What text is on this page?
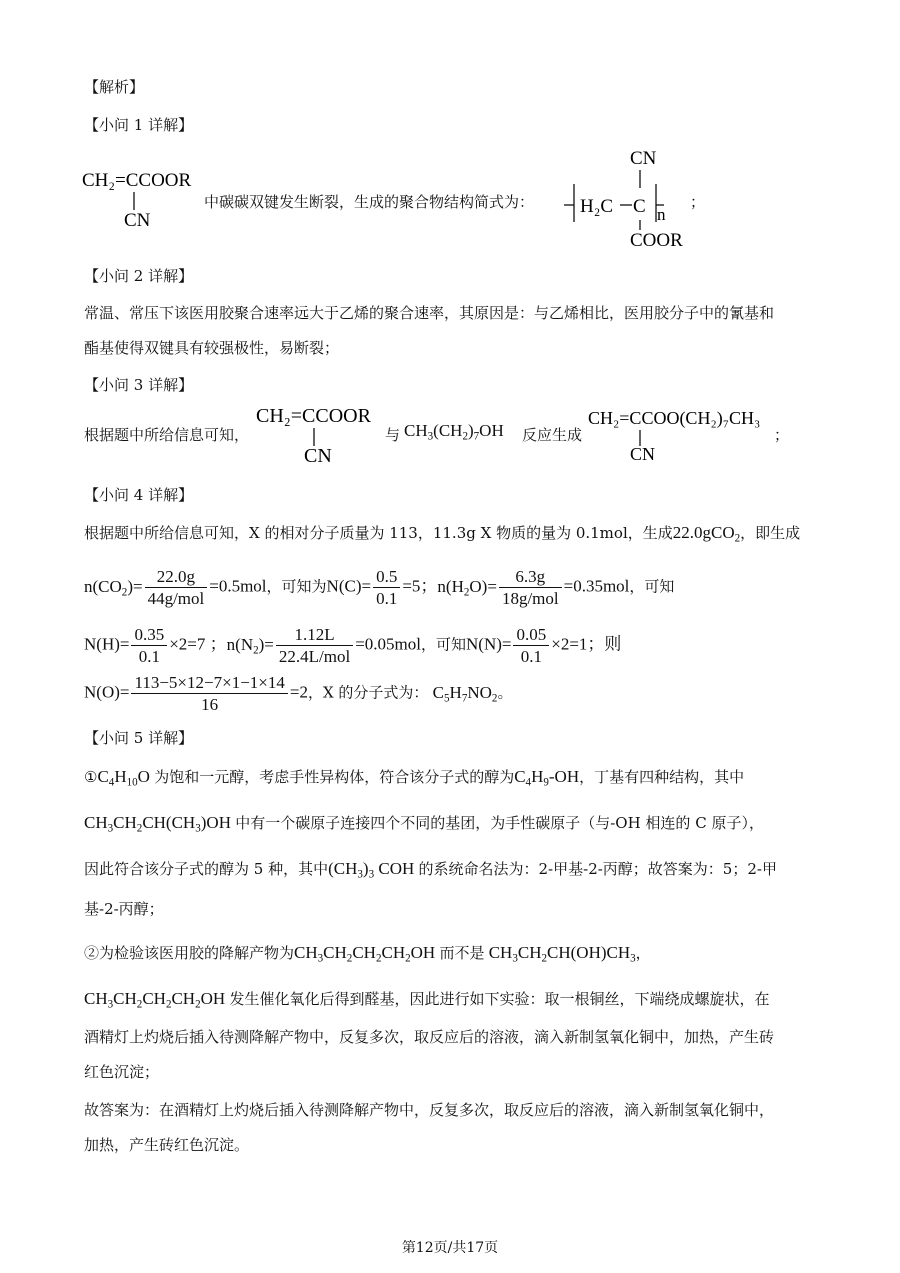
【解析】
【小问 1 详解】
CH₂=CCOOR
CN
中碳碳双键发生断裂，生成的聚合物结构简式为：
CN
H₂C C n
COOR
；
【小问 2 详解】
常温、常压下该医用胶聚合速率远大于乙烯的聚合速率，其原因是：与乙烯相比，医用胶分子中的氰基和
酯基使得双键具有较强极性，易断裂；
【小问 3 详解】
根据题中所给信息可知，
CH₂=CCOOR
CN
与 $CH_3(CH_2)_7OH$ 反应生成
CH₂=CCOO(CH₂)₇CH₃
CN
；
【小问 4 详解】
根据题中所给信息可知，X 的相对分子质量为 113，11.3g X 物质的量为 0.1mol，生成22.0gCO$_2$，即生成
$n(CO_2)= \frac{22.0g}{\text{44g/mol}} =0.5mol$，可知为$N(C)= \frac{0.5}{0.1} =5$；$n(H_2O)= \frac{6.3g}{\text{18g/mol}} =0.35mol$，可知
$N(H)= \frac{0.35}{0.1} \times 2=7$ ；$n(N_2)= \frac{1.12L}{\text{22.4L/mol}} =0.05mol$，可知$N(N)= \frac{0.05}{0.1} \times 2=1$；则
$N(O)= \frac{113-5\times 12-7\times 1-1\times 14}{16} =2$，X 的分子式为： $C_5H_7NO_2$。
【小问 5 详解】
$①C_4H_{10}O$ 为饱和一元醇，考虑手性异构体，符合该分子式的醇为$C_4H_9-OH$，丁基有四种结构，其中
$CH_3CH_2CH(CH_3)OH$ 中有一个碳原子连接四个不同的基团，为手性碳原子（与-OH 相连的 C 原子），
因此符合该分子式的醇为 5 种，其中$(CH_3)_3$ COH 的系统命名法为：2-甲基-2-丙醇；故答案为：5；2-甲
基-2-丙醇；
②为检验该医用胶的降解产物为$CH_3CH_2CH_2CH_2OH$ 而不是 $CH_3CH_2CH(OH)CH_3$，
$CH_3CH_2CH_2CH_2OH$ 发生催化氧化后得到醛基，因此进行如下实验：取一根铜丝，下端绕成螺旋状，在
酒精灯上灼烧后插入待测降解产物中，反复多次，取反应后的溶液，滴入新制氢氧化铜中，加热，产生砖
红色沉淀；
故答案为：在酒精灯上灼烧后插入待测降解产物中，反复多次，取反应后的溶液，滴入新制氢氧化铜中，
加热，产生砖红色沉淀。
第12页/共17页
